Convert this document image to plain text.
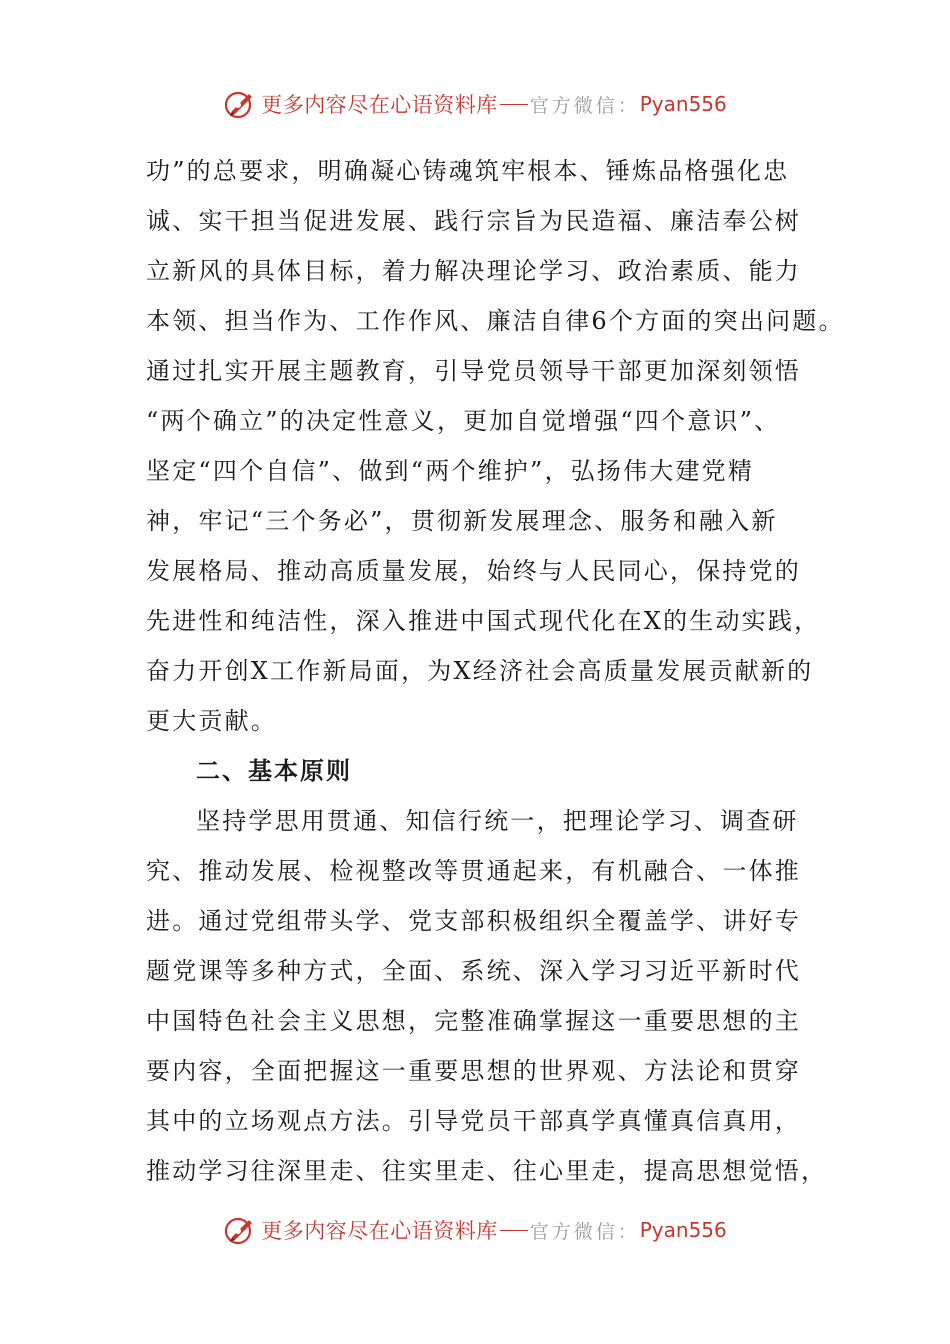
更多内容尽在心语资料库 官方微信： Pyan556
功”的总要求，明确凝心铸魂筑牢根本、锤炼品格强化忠
诚、实干担当促进发展、践行宗旨为民造福、廉洁奉公树
立新风的具体目标，着力解决理论学习、政治素质、能力
本领、担当作为、工作作风、廉洁自律6个方面的突出问题。
通过扎实开展主题教育，引导党员领导干部更加深刻领悟
“两个确立”的决定性意义，更加自觉增强“四个意识”、
坚定“四个自信”、做到“两个维护”，弘扬伟大建党精
神，牢记“三个务必”，贯彻新发展理念、服务和融入新
发展格局、推动高质量发展，始终与人民同心，保持党的
先进性和纯洁性，深入推进中国式现代化在X的生动实践，
奋力开创X工作新局面，为X经济社会高质量发展贡献新的
更大贡献。
二、基本原则
坚持学思用贯通、知信行统一，把理论学习、调查研
究、推动发展、检视整改等贯通起来，有机融合、一体推
进。通过党组带头学、党支部积极组织全覆盖学、讲好专
题党课等多种方式，全面、系统、深入学习习近平新时代
中国特色社会主义思想，完整准确掌握这一重要思想的主
要内容，全面把握这一重要思想的世界观、方法论和贯穿
其中的立场观点方法。引导党员干部真学真懂真信真用，
推动学习往深里走、往实里走、往心里走，提高思想觉悟，
更多内容尽在心语资料库 官方微信： Pyan556
